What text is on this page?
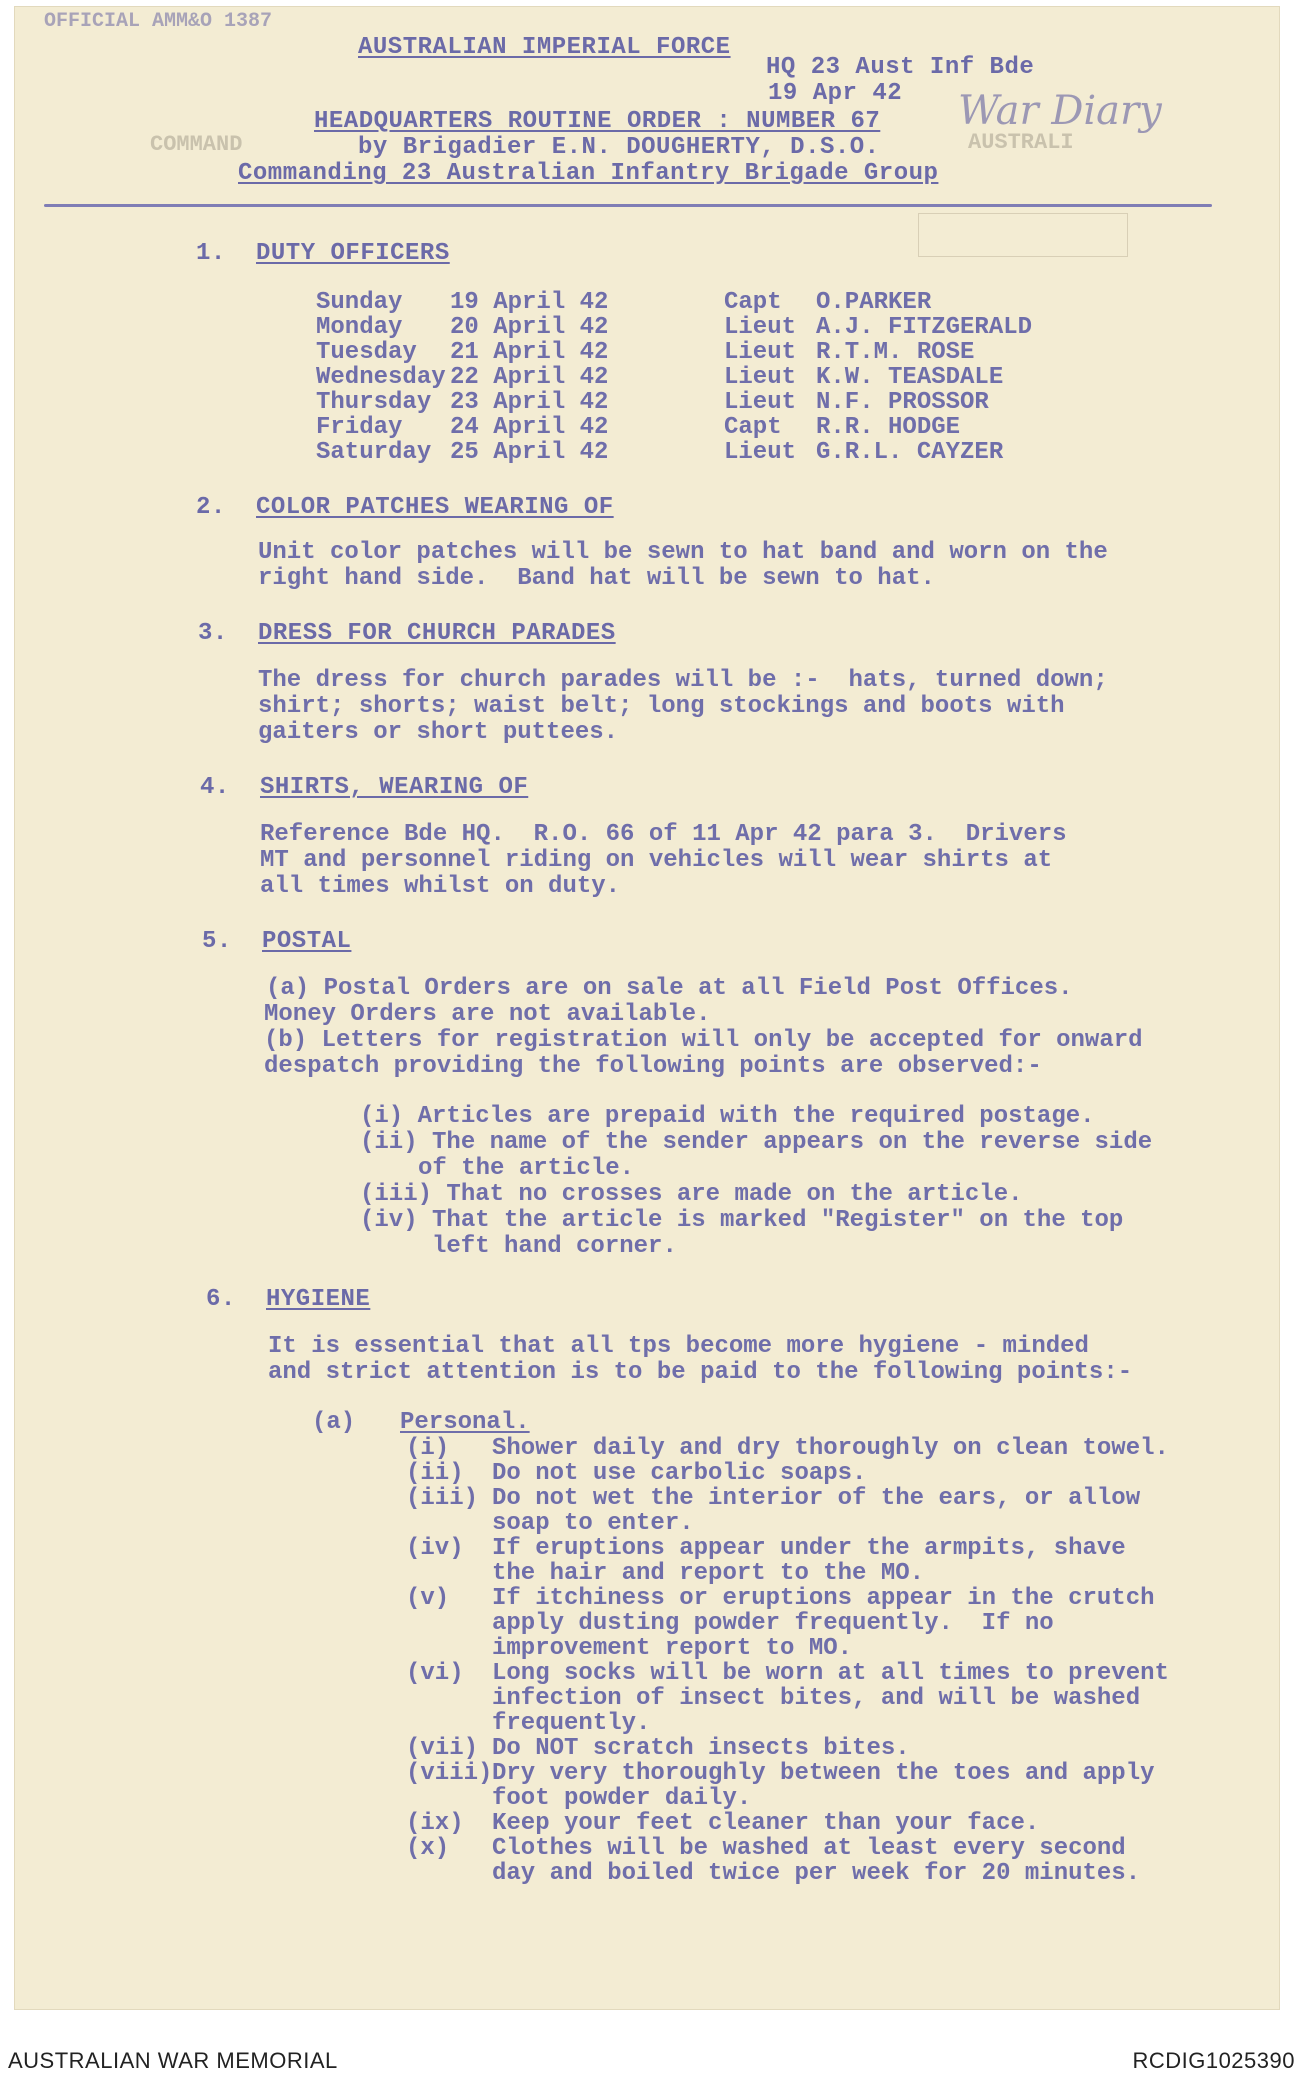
OFFICIAL AMM&O 1387
AUSTRALIAN IMPERIAL FORCE
HQ 23 Aust Inf Bde
19 Apr 42 War Diary
COMMAND	AUSTRALI
HEADQUARTERS ROUTINE ORDER : NUMBER 67
by Brigadier E.N. DOUGHERTY, D.S.O.
Commanding 23 Australian Infantry Brigade Group
1. DUTY OFFICERS
Sunday 19 April 42	Capt O.PARKER
Monday 20 April 42	Lieut A.J. FITZGERALD
Tuesday 21 April 42	Lieut R.T.M. ROSE
Wednesday 22 April 42	Lieut K.W. TEASDALE
Thursday 23 April 42	Lieut N.F. PROSSOR
Friday 24 April 42	Capt R.R. HODGE
Saturday 25 April 42	Lieut G.R.L. CAYZER
2. COLOR PATCHES WEARING OF
Unit color patches will be sewn to hat band and worn on the
right hand side.  Band hat will be sewn to hat.
3. DRESS FOR CHURCH PARADES
The dress for church parades will be :-  hats, turned down;
shirt; shorts; waist belt; long stockings and boots with
gaiters or short puttees.
4. SHIRTS, WEARING OF
Reference Bde HQ.  R.O. 66 of 11 Apr 42 para 3.  Drivers
MT and personnel riding on vehicles will wear shirts at
all times whilst on duty.
5. POSTAL
(a) Postal Orders are on sale at all Field Post Offices.
Money Orders are not available.
(b) Letters for registration will only be accepted for onward
despatch providing the following points are observed:-
(i) Articles are prepaid with the required postage.
(ii) The name of the sender appears on the reverse side
of the article.
(iii) That no crosses are made on the article.
(iv) That the article is marked "Register" on the top
left hand corner.
6. HYGIENE
It is essential that all tps become more hygiene - minded
and strict attention is to be paid to the following points:-
(a) Personal.
(i) Shower daily and dry thoroughly on clean towel.
(ii) Do not use carbolic soaps.
(iii) Do not wet the interior of the ears, or allow
soap to enter.
(iv) If eruptions appear under the armpits, shave
the hair and report to the MO.
(v) If itchiness or eruptions appear in the crutch
apply dusting powder frequently.  If no
improvement report to MO.
(vi) Long socks will be worn at all times to prevent
infection of insect bites, and will be washed
frequently.
(vii) Do NOT scratch insects bites.
(viii) Dry very thoroughly between the toes and apply
foot powder daily.
(ix) Keep your feet cleaner than your face.
(x) Clothes will be washed at least every second
day and boiled twice per week for 20 minutes.
AUSTRALIAN WAR MEMORIAL	RCDIG1025390
